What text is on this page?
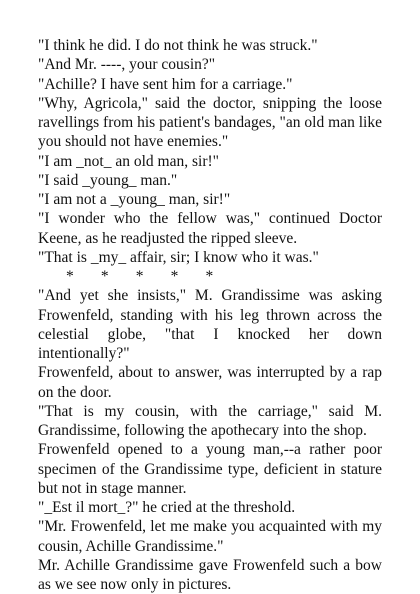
"I think he did. I do not think he was struck."

"And Mr. ----, your cousin?"

"Achille? I have sent him for a carriage."

"Why, Agricola," said the doctor, snipping the loose ravellings from his patient's bandages, "an old man like you should not have enemies."

"I am _not_ an old man, sir!"

"I said _young_ man."

"I am not a _young_ man, sir!"

"I wonder who the fellow was," continued Doctor Keene, as he readjusted the ripped sleeve.

"That is _my_ affair, sir; I know who it was."

*       *       *       *       *

"And yet she insists," M. Grandissime was asking Frowenfeld, standing with his leg thrown across the celestial globe, "that I knocked her down intentionally?"

Frowenfeld, about to answer, was interrupted by a rap on the door.

"That is my cousin, with the carriage," said M. Grandissime, following the apothecary into the shop.

Frowenfeld opened to a young man,--a rather poor specimen of the Grandissime type, deficient in stature but not in stage manner.

"_Est il mort_?" he cried at the threshold.

"Mr. Frowenfeld, let me make you acquainted with my cousin, Achille Grandissime."

Mr. Achille Grandissime gave Frowenfeld such a bow as we see now only in pictures.
